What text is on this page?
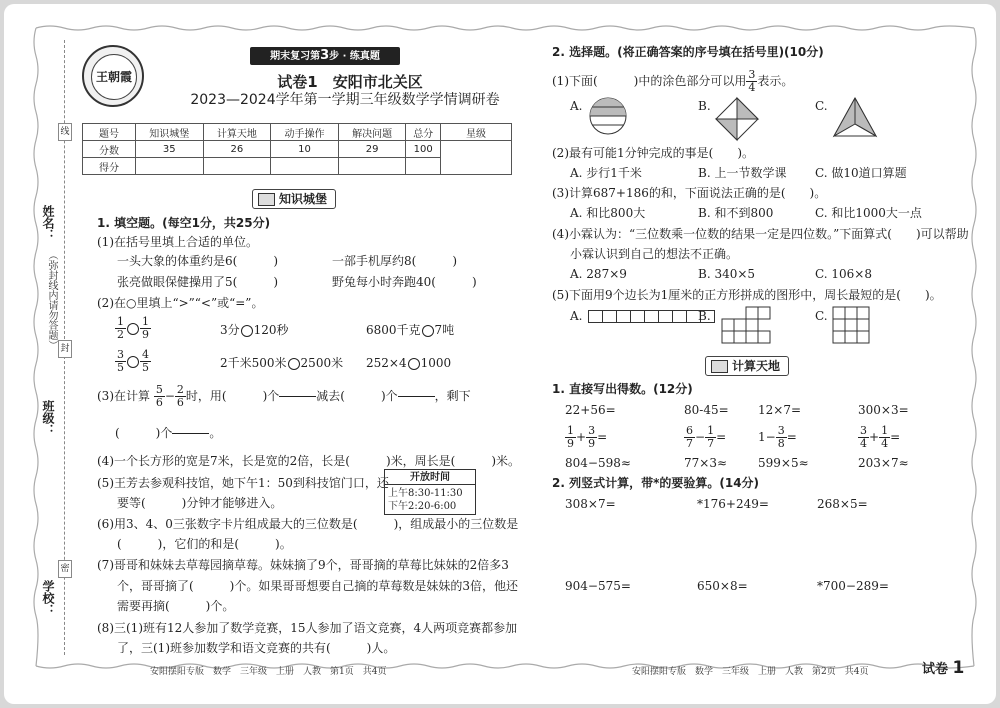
姓名：
班级：
学校：
（弥封线内请勿答题）
线
封
密
王朝霞
期末复习第3步 · 练真题
试卷1　安阳市北关区
2023—2024学年第一学期三年级数学学情调研卷
题号	知识城堡	计算天地	动手操作	解决问题	总分	星级
分数	35	26	10	29	100	
得分						
知识城堡
1. 填空题。(每空1分，共25分)
(1)在括号里填上合适的单位。
一头大象的体重约是6(　　　)	一部手机厚约8(　　　)
张亮做眼保健操用了5(　　　)	野兔每小时奔跑40(　　　)
(2)在○里填上“>”“<”或“=”。
$\frac{1}{2} \frac{1}{9}$	3分 120秒	6800千克 7吨
$\frac{3}{5} \frac{4}{5}$	2千米500米 2500米 252×4 1000
(3)在计算 $\frac{5}{6} - \frac{2}{6}$ 时，用(　　　)个

　　　	减去(　　　)个

　　　	，剩下
(　　　)个

　　　	。
(4)一个长方形的宽是7米，长是宽的2倍，长是(　　　)米，周长是(　　　)米。
(5)王芳去参观科技馆，她下午1：50到科技馆门口，还
要等(　　　)分钟才能够进入。
开放时间
上午8:30-11:30
下午2:20-6:00
(6)用3、4、0三张数字卡片组成最大的三位数是(　　　)，组成最小的三位数是
(　　　)，它们的和是(　　　)。
(7)哥哥和妹妹去草莓园摘草莓。妹妹摘了9个，哥哥摘的草莓比妹妹的2倍多3
个，哥哥摘了(　　　)个。如果哥哥想要自己摘的草莓数是妹妹的3倍，他还
需要再摘(　　　)个。
(8)三(1)班有12人参加了数学竞赛，15人参加了语文竞赛，4人两项竞赛都参加
了，三(1)班参加数学和语文竞赛的共有(　　　)人。
安阳摆阳专版　数学　三年级　上册　人教　第1页　共4页
2. 选择题。(将正确答案的序号填在括号里)(10分)
(1)下面(　　　)中的涂色部分可以用 $\frac{3}{4}$ 表示。
A.	B.	C.
(2)最有可能1分钟完成的事是(　　)。
A. 步行1千米	B. 上一节数学课 C. 做10道口算题
(3)计算687+186的和，下面说法正确的是(　　)。
A. 和比800大	B. 和不到800	C. 和比1000大一点
(4)小霖认为：“三位数乘一位数的结果一定是四位数。”下面算式(　　)可以帮助
小霖认识到自己的想法不正确。
A. 287×9	B. 340×5	C. 106×8
(5)下面用9个边长为1厘米的正方形拼成的图形中，周长最短的是(　　)。
A.	B.	C.
计算天地
1. 直接写出得数。(12分)
22+56=	80-45= 12×7=	300×3=
$\frac{1}{9} + \frac{3}{9}$ =	$\frac{6}{7} - \frac{1}{7}$ =	$1- \frac{3}{8}$ =	$\frac{3}{4} + \frac{1}{4}$ =
804−598≈	77×3≈	599×5≈	203×7≈
2. 列竖式计算，带*的要验算。(14分)
308×7=	*176+249=	268×5=
904−575=	650×8=	*700−289=
安阳摆阳专版　数学　三年级　上册　人教　第2页　共4页	试卷 1
